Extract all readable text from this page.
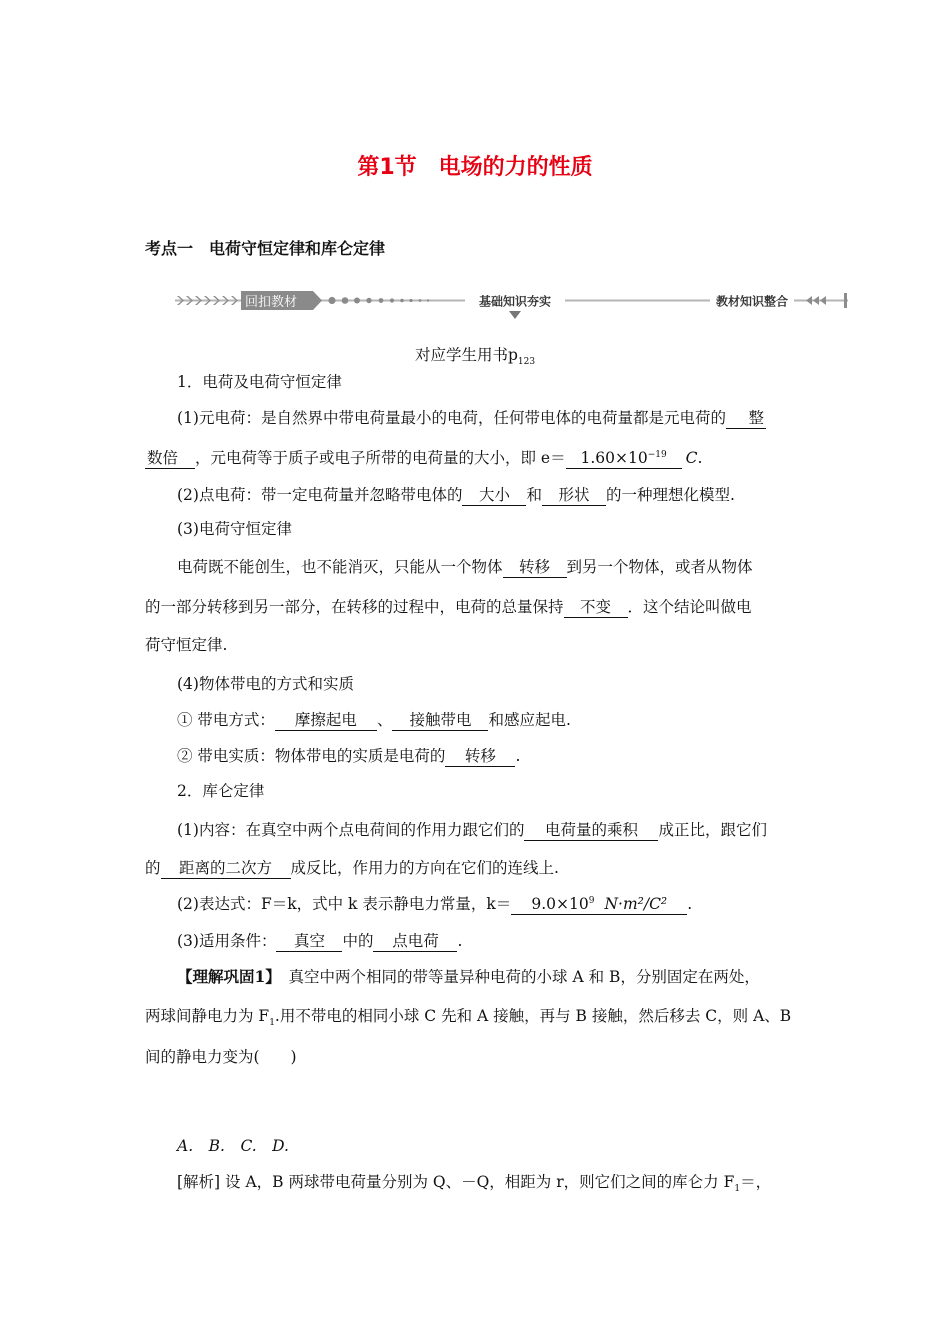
第1节　电场的力的性质
考点一　电荷守恒定律和库仑定律
回扣教材	基础知识夯实	教材知识整合
对应学生用书$p_{123}$
1．电荷及电荷守恒定律
(1)元电荷：是自然界中带电荷量最小的电荷，任何带电体的电荷量都是元电荷的 整
数倍 ，元电荷等于质子或电子所带的电荷量的大小，即 $e= 1.60\times 10^{-19}$ C.
(2)点电荷：带一定电荷量并忽略带电体的 大小 和 形状 的一种理想化模型.
(3)电荷守恒定律
电荷既不能创生，也不能消灭，只能从一个物体 转移 到另一个物体，或者从物体
的一部分转移到另一部分，在转移的过程中，电荷的总量保持 不变 ．这个结论叫做电
荷守恒定律.
(4)物体带电的方式和实质
① 带电方式： 摩擦起电 、 接触带电 和感应起电.
② 带电实质：物体带电的实质是电荷的 转移 .
2．库仑定律
(1)内容：在真空中两个点电荷间的作用力跟它们的 电荷量的乘积 成正比，跟它们
的 距离的二次方 成反比，作用力的方向在它们的连线上.
(2)表达式：F＝k，式中 k 表示静电力常量，$k= 9.0\times 10^9$ N·m²/C² .
(3)适用条件： 真空 中的 点电荷 .
【理解巩固1】　真空中两个相同的带等量异种电荷的小球 A 和 B，分别固定在两处，
两球间静电力为 $F_1$.用不带电的相同小球 C 先和 A 接触，再与 B 接触，然后移去 C，则 A、B
间的静电力变为(　　)
A.　B.　C.　D.
[解析] 设 A，B 两球带电荷量分别为 Q、－Q，相距为 r，则它们之间的库仑力 $F_1=$，
